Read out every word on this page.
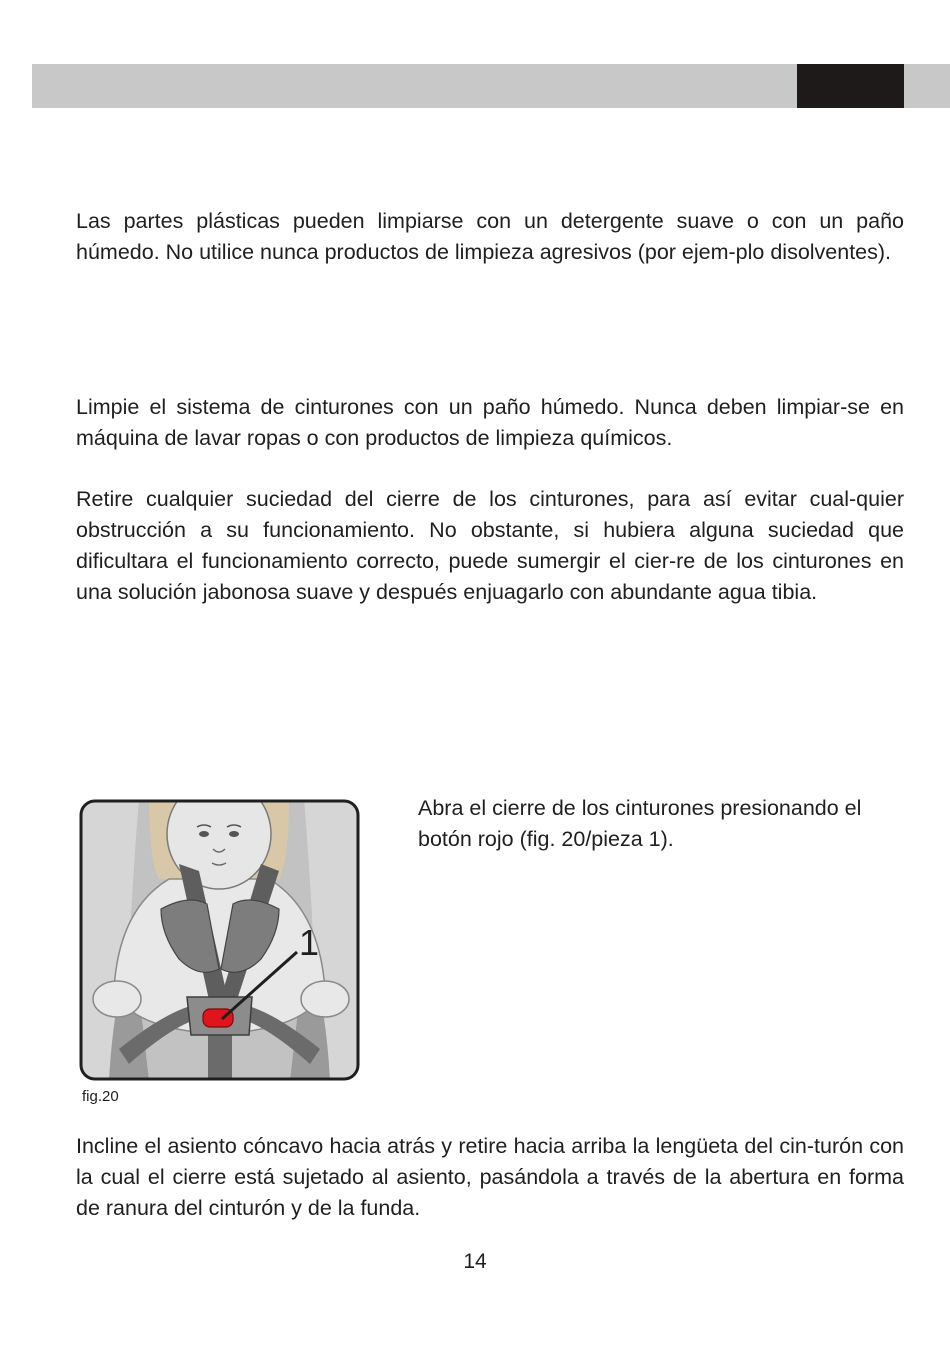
Las partes plásticas pueden limpiarse con un detergente suave o con un paño húmedo. No utilice nunca productos de limpieza agresivos (por ejem-plo disolventes).

Limpie el sistema de cinturones con un paño húmedo. Nunca deben limpiar-se en máquina de lavar ropas o con productos de limpieza químicos.

Retire cualquier suciedad del cierre de los cinturones, para así evitar cual-quier obstrucción a su funcionamiento. No obstante, si hubiera alguna suciedad que dificultara el funcionamiento correcto, puede sumergir el cier-re de los cinturones en una solución jabonosa suave y después enjuagarlo con abundante agua tibia.

1

Abra el cierre de los cinturones presionando el botón rojo (fig. 20/pieza 1).

fig.20

Incline el asiento cóncavo hacia atrás y retire hacia arriba la lengüeta del cin-turón con la cual el cierre está sujetado al asiento, pasándola a través de la abertura en forma de ranura del cinturón y de la funda.

14
